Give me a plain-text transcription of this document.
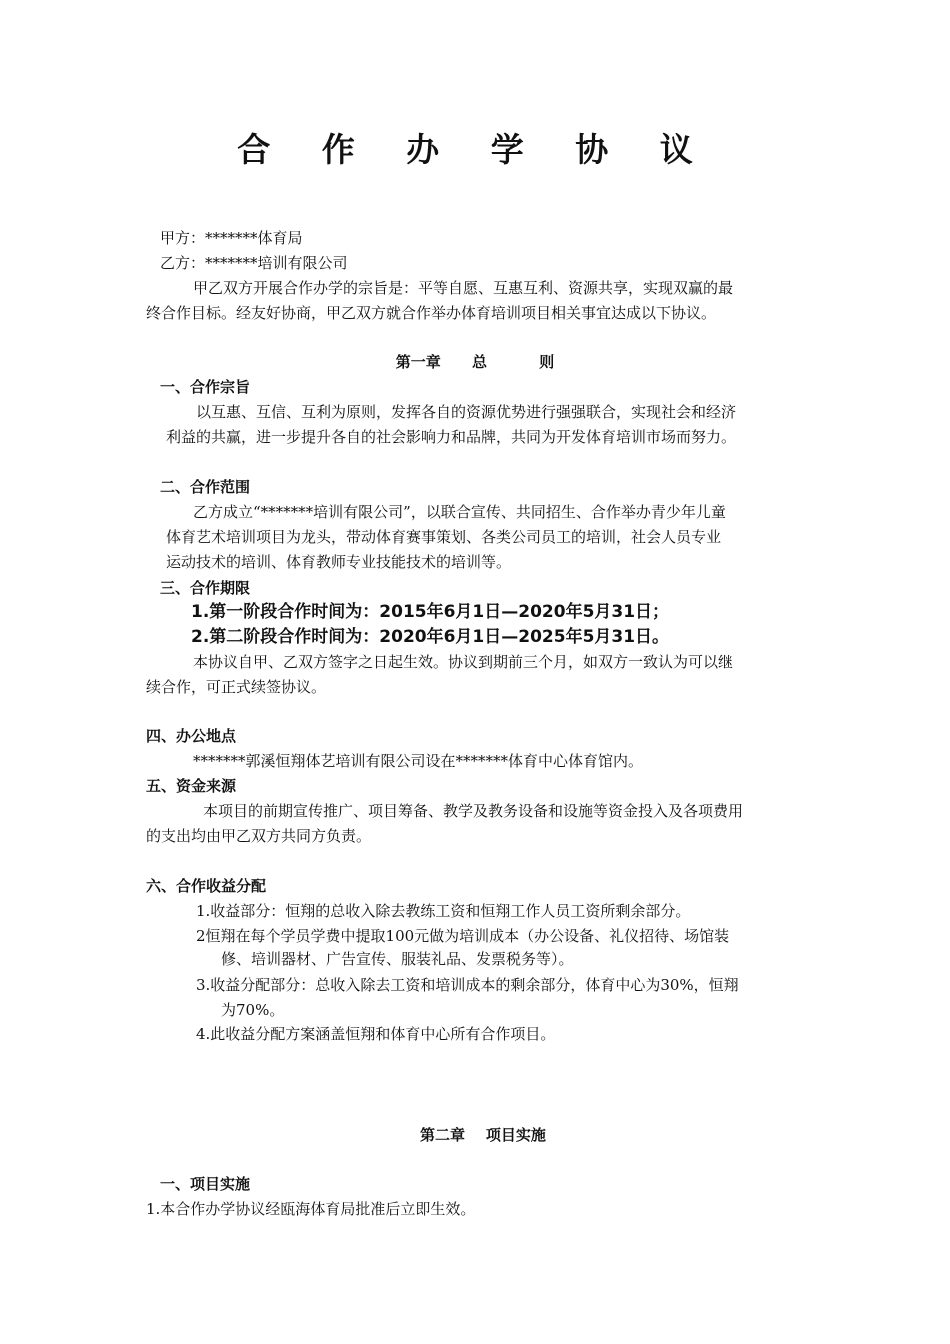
合 作 办 学 协 议
甲方：*******体育局
乙方：*******培训有限公司
甲乙双方开展合作办学的宗旨是：平等自愿、互惠互利、资源共享，实现双赢的最
终合作目标。经友好协商，甲乙双方就合作举办体育培训项目相关事宜达成以下协议。
第一章      总          则
一、合作宗旨
以互惠、互信、互利为原则，发挥各自的资源优势进行强强联合，实现社会和经济
利益的共赢，进一步提升各自的社会影响力和品牌，共同为开发体育培训市场而努力。
二、合作范围
乙方成立“*******培训有限公司”，以联合宣传、共同招生、合作举办青少年儿童
体育艺术培训项目为龙头，带动体育赛事策划、各类公司员工的培训，社会人员专业
运动技术的培训、体育教师专业技能技术的培训等。
三、合作期限
1.第一阶段合作时间为：2015年6月1日—2020年5月31日；
2.第二阶段合作时间为：2020年6月1日—2025年5月31日。
本协议自甲、乙双方签字之日起生效。协议到期前三个月，如双方一致认为可以继
续合作，可正式续签协议。
四、办公地点
*******郭溪恒翔体艺培训有限公司设在*******体育中心体育馆内。
五、资金来源
本项目的前期宣传推广、项目筹备、教学及教务设备和设施等资金投入及各项费用
的支出均由甲乙双方共同方负责。
六、合作收益分配
1.收益部分：恒翔的总收入除去教练工资和恒翔工作人员工资所剩余部分。
2恒翔在每个学员学费中提取100元做为培训成本（办公设备、礼仪招待、场馆装
修、培训器材、广告宣传、服装礼品、发票税务等）。
3.收益分配部分：总收入除去工资和培训成本的剩余部分，体育中心为30%，恒翔
为70%。
4.此收益分配方案涵盖恒翔和体育中心所有合作项目。
第二章    项目实施
一、项目实施
1.本合作办学协议经瓯海体育局批准后立即生效。
